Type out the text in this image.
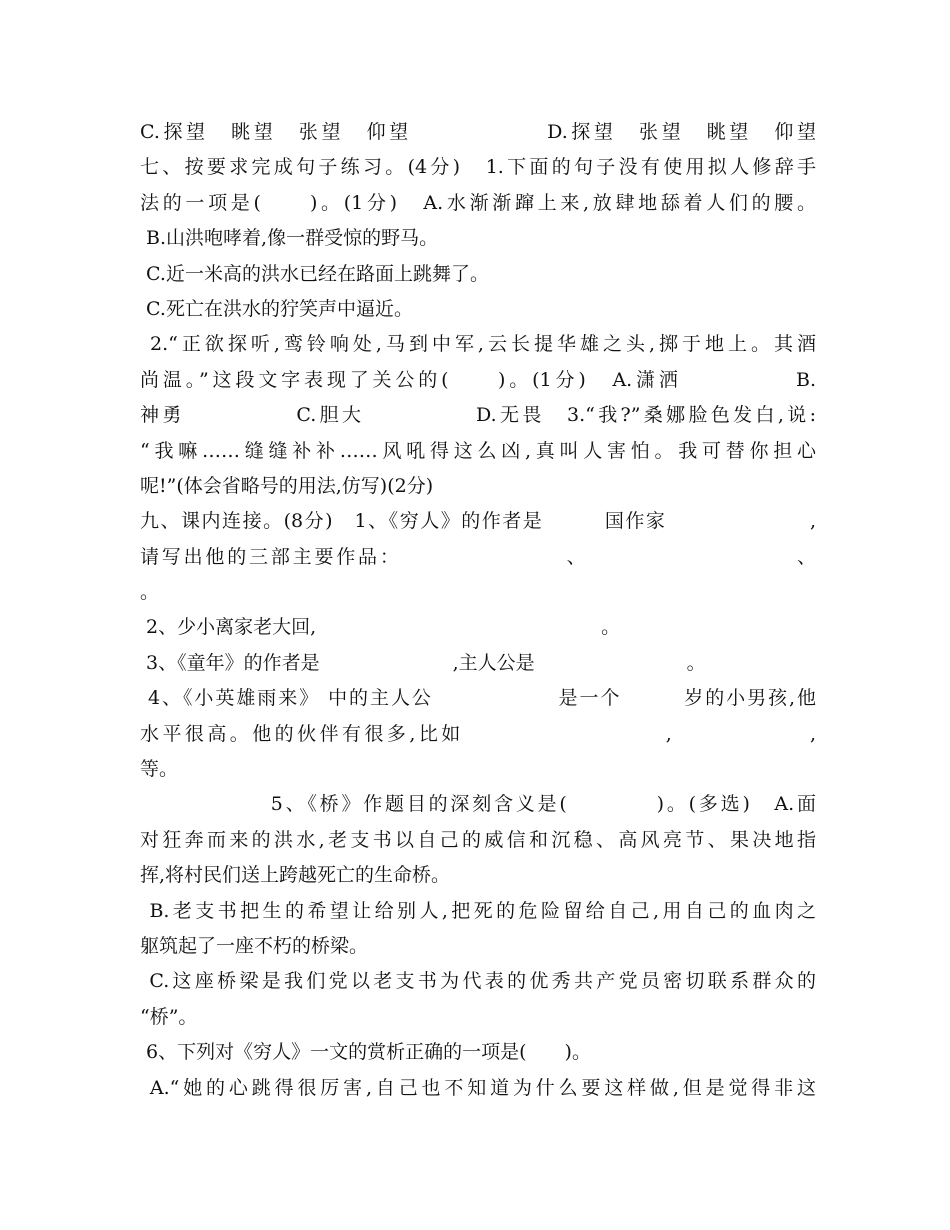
C.探望　眺望　张望　仰望　　　　　　D.探望　张望　眺望　仰望
七、按要求完成句子练习。(4分)　1.下面的句子没有使用拟人修辞手
法的一项是(　　)。(1分)　A.水渐渐蹿上来,放肆地舔着人们的腰。
B.山洪咆哮着,像一群受惊的野马。
C.近一米高的洪水已经在路面上跳舞了。
C.死亡在洪水的狞笑声中逼近。
2.“正欲探听,鸾铃响处,马到中军,云长提华雄之头,掷于地上。其酒
尚温。”这段文字表现了关公的(　　)。(1分)　A.潇洒　　　　　B.
神勇　　　　　C.胆大　　　　　D.无畏　3.“我?”桑娜脸色发白,说:
“我嘛……缝缝补补……风吼得这么凶,真叫人害怕。我可替你担心
呢!”(体会省略号的用法,仿写)(2分)
九、课内连接。(8分)　1、《穷人》的作者是　　　国作家　　　　　　　,
请写出他的三部主要作品：　　　　　　　　、　　　　　　　　　　、
。
2、少小离家老大回,　　　　　　　　　　　　　　　。
3、《童年》的作者是　　　　　　　,主人公是　　　　　　　　。
4、《小英雄雨来》 中的主人公　　　　　　是一个　　　岁的小男孩,他
水平很高。他的伙伴有很多,比如　　　　　　　　　,　　　　　　,
等。
　　　　　　5、《桥》作题目的深刻含义是(　　　　)。(多选)　A.面
对狂奔而来的洪水,老支书以自己的威信和沉稳、高风亮节、果决地指
挥,将村民们送上跨越死亡的生命桥。
B.老支书把生的希望让给别人,把死的危险留给自己,用自己的血肉之
躯筑起了一座不朽的桥梁。
C.这座桥梁是我们党以老支书为代表的优秀共产党员密切联系群众的
“桥”。
6、下列对《穷人》一文的赏析正确的一项是(　　)。
A.“她的心跳得很厉害,自己也不知道为什么要这样做,但是觉得非这
